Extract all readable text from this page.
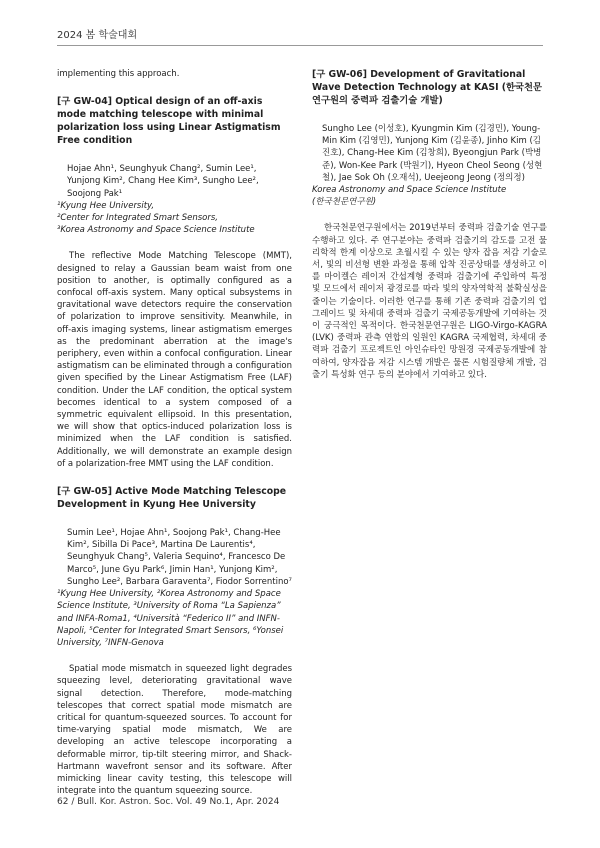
2024 봄 학술대회

implementing this approach.

[구 GW-04] Optical design of an off-axis mode matching telescope with minimal polarization loss using Linear Astigmatism Free condition

Hojae Ahn¹, Seunghyuk Chang², Sumin Lee¹, Yunjong Kim², Chang Hee Kim³, Sungho Lee², Soojong Pak¹

¹Kyung Hee University,

²Center for Integrated Smart Sensors,

³Korea Astronomy and Space Science Institute

The reflective Mode Matching Telescope (MMT), designed to relay a Gaussian beam waist from one position to another, is optimally configured as a confocal off-axis system. Many optical subsystems in gravitational wave detectors require the conservation of polarization to improve sensitivity. Meanwhile, in off-axis imaging systems, linear astigmatism emerges as the predominant aberration at the image's periphery, even within a confocal configuration. Linear astigmatism can be eliminated through a configuration given specified by the Linear Astigmatism Free (LAF) condition. Under the LAF condition, the optical system becomes identical to a system composed of a symmetric equivalent ellipsoid. In this presentation, we will show that optics-induced polarization loss is minimized when the LAF condition is satisfied. Additionally, we will demonstrate an example design of a polarization-free MMT using the LAF condition.

[구 GW-05] Active Mode Matching Telescope Development in Kyung Hee University

Sumin Lee¹, Hojae Ahn¹, Soojong Pak¹, Chang-Hee Kim², Sibilla Di Pace³, Martina De Laurentis⁴, Seunghyuk Chang⁵, Valeria Sequino⁴, Francesco De Marco⁵, June Gyu Park⁶, Jimin Han¹, Yunjong Kim², Sungho Lee², Barbara Garaventa⁷, Fiodor Sorrentino⁷

¹Kyung Hee University, ²Korea Astronomy and Space Science Institute, ³University of Roma “La Sapienza” and INFA-Roma1, ⁴Università “Federico II” and INFN-Napoli, ⁵Center for Integrated Smart Sensors, ⁶Yonsei University, ⁷INFN-Genova

Spatial mode mismatch in squeezed light degrades squeezing level, deteriorating gravitational wave signal detection. Therefore, mode-matching telescopes that correct spatial mode mismatch are critical for quantum-squeezed sources. To account for time-varying spatial mode mismatch, We are developing an active telescope incorporating a deformable mirror, tip-tilt steering mirror, and Shack-Hartmann wavefront sensor and its software. After mimicking linear cavity testing, this telescope will integrate into the quantum squeezing source.

[구 GW-06] Development of Gravitational Wave Detection Technology at KASI (한국천문연구원의 중력파 검출기술 개발)

Sungho Lee (이성호), Kyungmin Kim (김경민), Young-Min Kim (김영민), Yunjong Kim (김윤종), Jinho Kim (김진호), Chang-Hee Kim (김창희), Byeongjun Park (박병준), Won-Kee Park (박원기), Hyeon Cheol Seong (성현철), Jae Sok Oh (오재석), Ueejeong Jeong (정의정)

Korea Astronomy and Space Science Institute

(한국천문연구원)

한국천문연구원에서는 2019년부터 중력파 검출기술 연구를 수행하고 있다. 주 연구분야는 중력파 검출기의 감도를 고전 물리학적 한계 이상으로 초월시킬 수 있는 양자 잡음 저감 기술로서, 빛의 비선형 변환 과정을 통해 압착 진공상태를 생성하고 이를 마이켈슨 레이저 간섭계형 중력파 검출기에 주입하여 특정 빛 모드에서 레이저 광경로를 따라 빛의 양자역학적 불확실성을 줄이는 기술이다. 이러한 연구를 통해 기존 중력파 검출기의 업그레이드 및 차세대 중력파 검출기 국제공동개발에 기여하는 것이 궁극적인 목적이다. 한국천문연구원은 LIGO-Virgo-KAGRA (LVK) 중력파 관측 연합의 일원인 KAGRA 국제협력, 차세대 중력파 검출기 프로젝트인 아인슈타인 망원경 국제공동개발에 참여하여, 양자잡음 저감 시스템 개발은 물론 시험질량체 개발, 검출기 특성화 연구 등의 분야에서 기여하고 있다.

62 / Bull. Kor. Astron. Soc. Vol. 49 No.1, Apr. 2024
